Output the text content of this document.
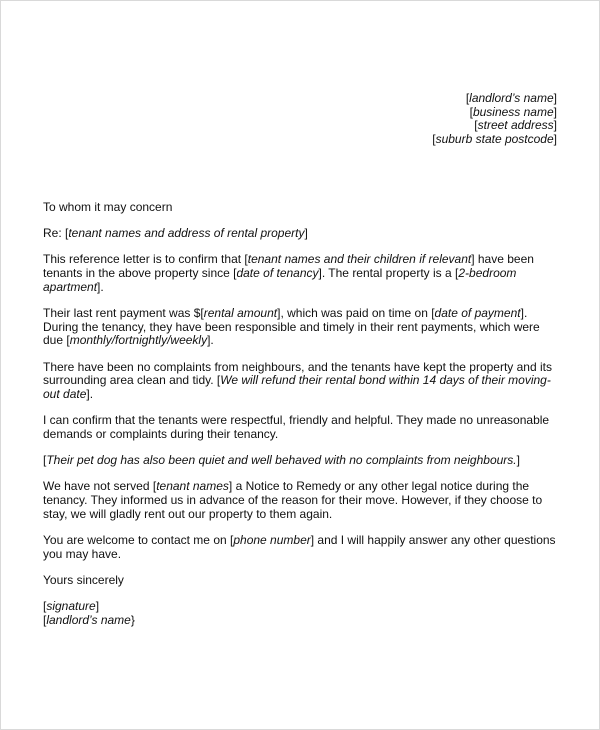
[landlord’s name]
[business name]
[street address]
[suburb state postcode]

To whom it may concern

Re: [tenant names and address of rental property]

This reference letter is to confirm that [tenant names and their children if relevant] have been tenants in the above property since [date of tenancy]. The rental property is a [2-bedroom apartment].

Their last rent payment was $[rental amount], which was paid on time on [date of payment]. During the tenancy, they have been responsible and timely in their rent payments, which were due [monthly/fortnightly/weekly].

There have been no complaints from neighbours, and the tenants have kept the property and its surrounding area clean and tidy. [We will refund their rental bond within 14 days of their moving-out date].

I can confirm that the tenants were respectful, friendly and helpful. They made no unreasonable demands or complaints during their tenancy.

[Their pet dog has also been quiet and well behaved with no complaints from neighbours.]

We have not served [tenant names] a Notice to Remedy or any other legal notice during the tenancy. They informed us in advance of the reason for their move. However, if they choose to stay, we will gladly rent out our property to them again.

You are welcome to contact me on [phone number] and I will happily answer any other questions you may have.

Yours sincerely

[signature]
[landlord’s name}
